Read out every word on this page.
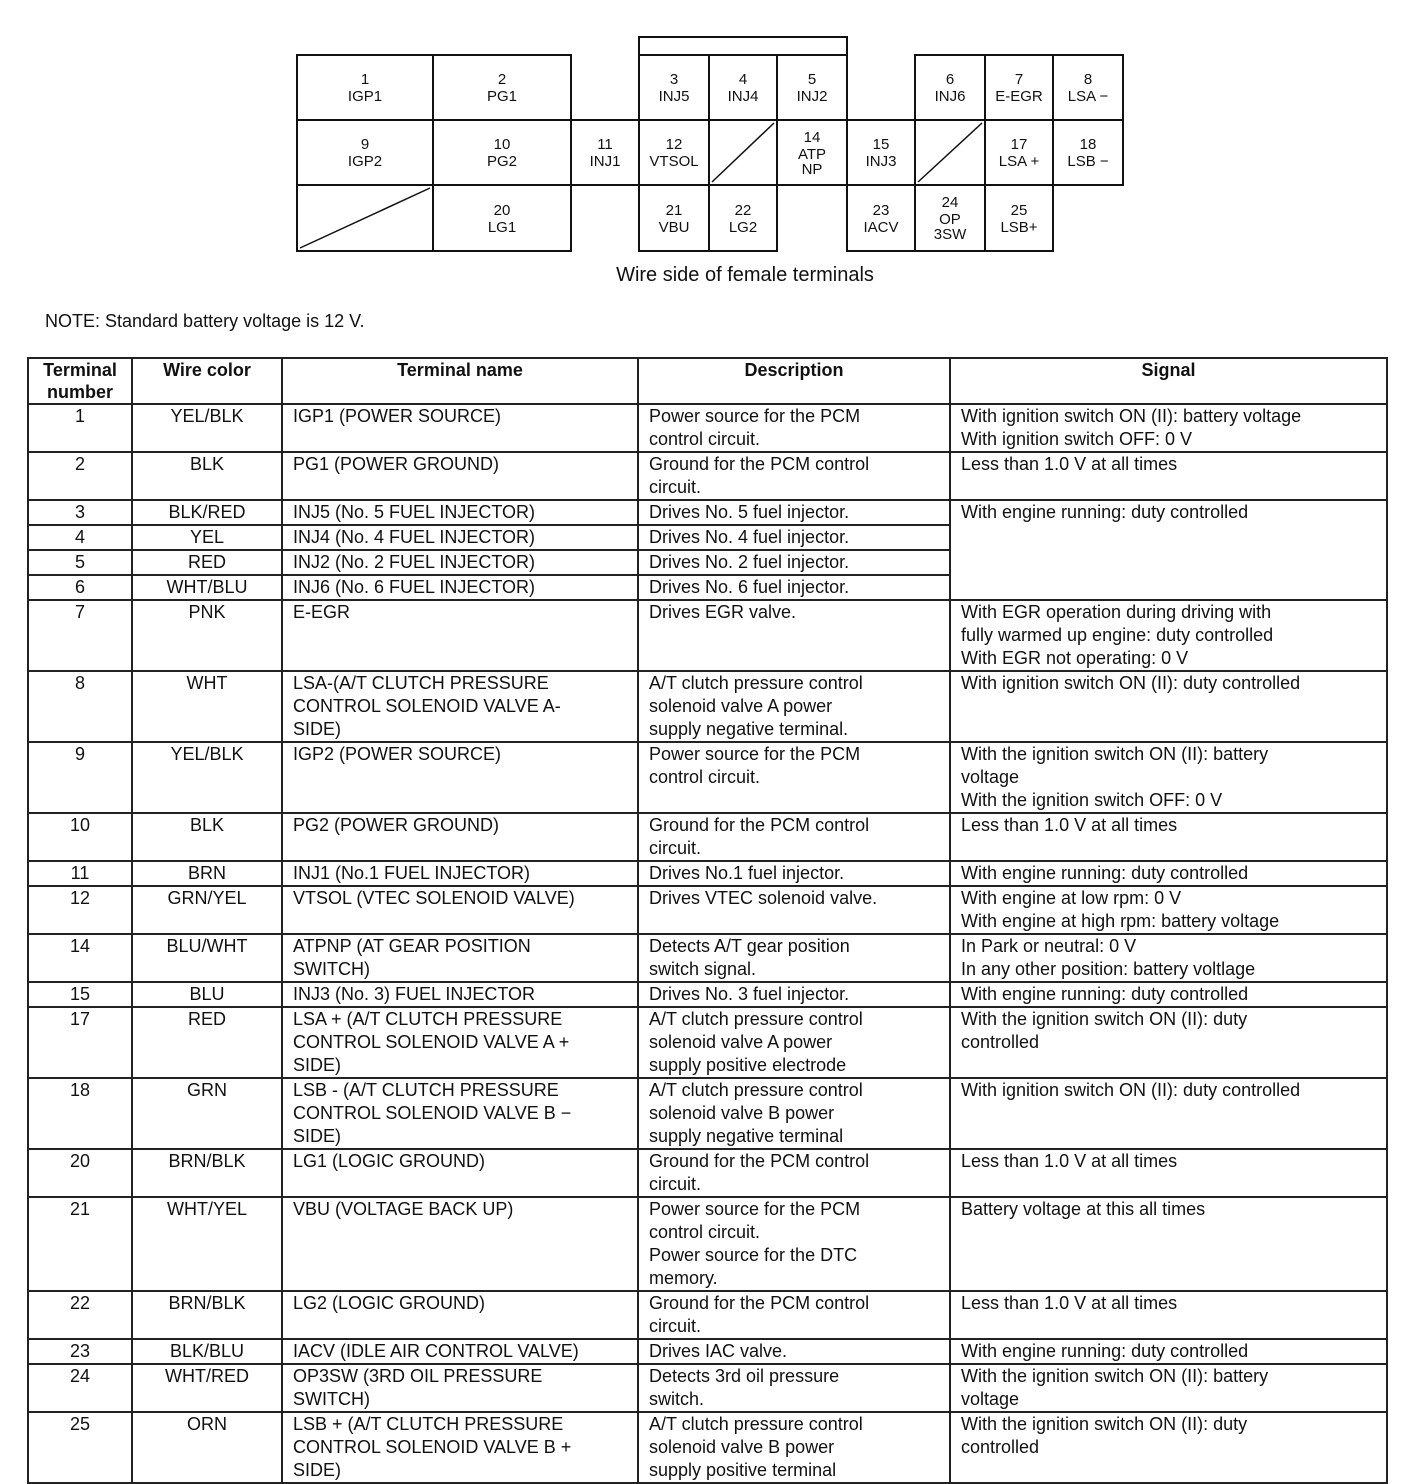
1
IGP1
2
PG1
3
INJ5
4
INJ4
5
INJ2
6
INJ6
7
E-EGR
8
LSA −
9
IGP2
10
PG2
11
INJ1
12
VTSOL
14
ATP
NP
15
INJ3
17
LSA +
18
LSB −
20
LG1
21
VBU
22
LG2
23
IACV
24
OP
3SW
25
LSB+
Wire side of female terminals
NOTE: Standard battery voltage is 12 V.
Terminal number	Wire color	Terminal name	Description	Signal
1	YEL/BLK	IGP1 (POWER SOURCE)	Power source for the PCM
control circuit.	With ignition switch ON (II): battery voltage
With ignition switch OFF: 0 V
2	BLK	PG1 (POWER GROUND)	Ground for the PCM control
circuit.	Less than 1.0 V at all times
3	BLK/RED	INJ5 (No. 5 FUEL INJECTOR)	Drives No. 5 fuel injector.	With engine running: duty controlled
4	YEL	INJ4 (No. 4 FUEL INJECTOR)	Drives No. 4 fuel injector.	
5	RED	INJ2 (No. 2 FUEL INJECTOR)	Drives No. 2 fuel injector.	
6	WHT/BLU	INJ6 (No. 6 FUEL INJECTOR)	Drives No. 6 fuel injector.	
7	PNK	E-EGR	Drives EGR valve.	With EGR operation during driving with
fully warmed up engine: duty controlled
With EGR not operating: 0 V
8	WHT	LSA-(A/T CLUTCH PRESSURE
CONTROL SOLENOID VALVE A-
SIDE)	A/T clutch pressure control
solenoid valve A power
supply negative terminal.	With ignition switch ON (II): duty controlled
9	YEL/BLK	IGP2 (POWER SOURCE)	Power source for the PCM
control circuit.	With the ignition switch ON (II): battery
voltage
With the ignition switch OFF: 0 V
10	BLK	PG2 (POWER GROUND)	Ground for the PCM control
circuit.	Less than 1.0 V at all times
11	BRN	INJ1 (No.1 FUEL INJECTOR)	Drives No.1 fuel injector.	With engine running: duty controlled
12	GRN/YEL	VTSOL (VTEC SOLENOID VALVE)	Drives VTEC solenoid valve.	With engine at low rpm: 0 V
With engine at high rpm: battery voltage
14	BLU/WHT	ATPNP (AT GEAR POSITION
SWITCH)	Detects A/T gear position
switch signal.	In Park or neutral: 0 V
In any other position: battery voltlage
15	BLU	INJ3 (No. 3) FUEL INJECTOR	Drives No. 3 fuel injector.	With engine running: duty controlled
17	RED	LSA + (A/T CLUTCH PRESSURE
CONTROL SOLENOID VALVE A +
SIDE)	A/T clutch pressure control
solenoid valve A power
supply positive electrode	With the ignition switch ON (II): duty
controlled
18	GRN	LSB - (A/T CLUTCH PRESSURE
CONTROL SOLENOID VALVE B −
SIDE)	A/T clutch pressure control
solenoid valve B power
supply negative terminal	With ignition switch ON (II): duty controlled
20	BRN/BLK	LG1 (LOGIC GROUND)	Ground for the PCM control
circuit.	Less than 1.0 V at all times
21	WHT/YEL	VBU (VOLTAGE BACK UP)	Power source for the PCM
control circuit.
Power source for the DTC
memory.	Battery voltage at this all times
22	BRN/BLK	LG2 (LOGIC GROUND)	Ground for the PCM control
circuit.	Less than 1.0 V at all times
23	BLK/BLU	IACV (IDLE AIR CONTROL VALVE)	Drives IAC valve.	With engine running: duty controlled
24	WHT/RED	OP3SW (3RD OIL PRESSURE
SWITCH)	Detects 3rd oil pressure
switch.	With the ignition switch ON (II): battery
voltage
25	ORN	LSB + (A/T CLUTCH PRESSURE
CONTROL SOLENOID VALVE B +
SIDE)	A/T clutch pressure control
solenoid valve B power
supply positive terminal	With the ignition switch ON (II): duty
controlled
